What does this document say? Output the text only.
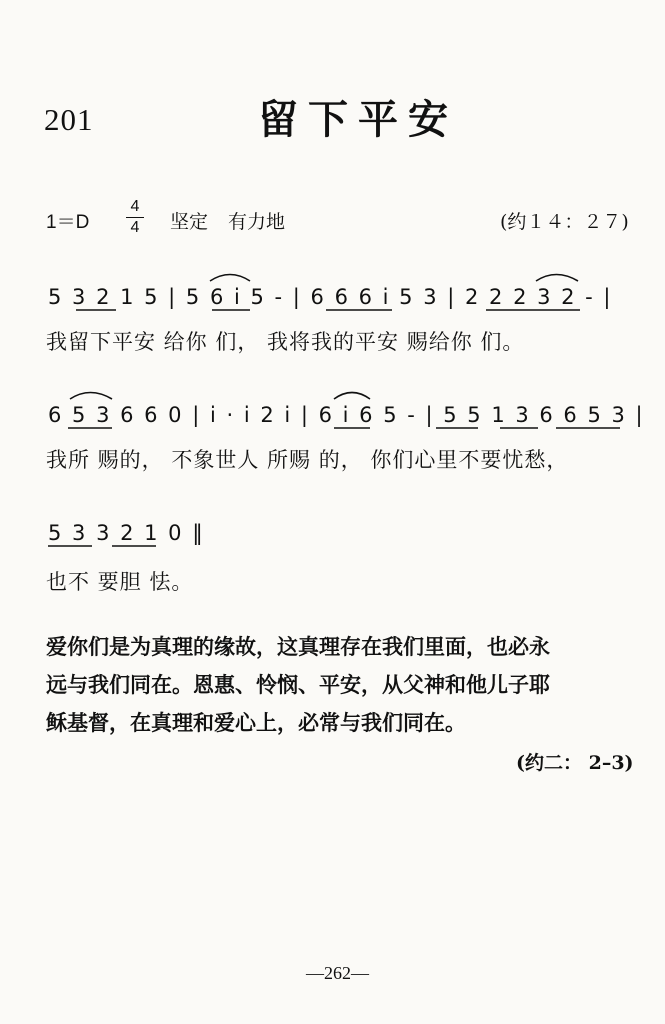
201	留下平安
1＝D
4
4 坚定 有力地	(约１４：２７)
5 3 2 1 5 | 5 6 i 5 - | 6 6 6 i 5 3 | 2 2 2 3 2 - |
我留下平安 给你 们， 我将我的平安 赐给你 们。
6 5 3 6 6 0 | i · i 2 i | 6 i 6 5 - | 5 5 1 3 6 6 5 3 |
我所 赐的， 不象世人 所赐 的， 你们心里不要忧愁，
5 3 3 2 1 0 ‖
也不 要胆 怯。
爱你们是为真理的缘故，这真理存在我们里面，也必永
远与我们同在。恩惠、怜悯、平安，从父神和他儿子耶
稣基督，在真理和爱心上，必常与我们同在。
(约二： 2–3)
—262—
